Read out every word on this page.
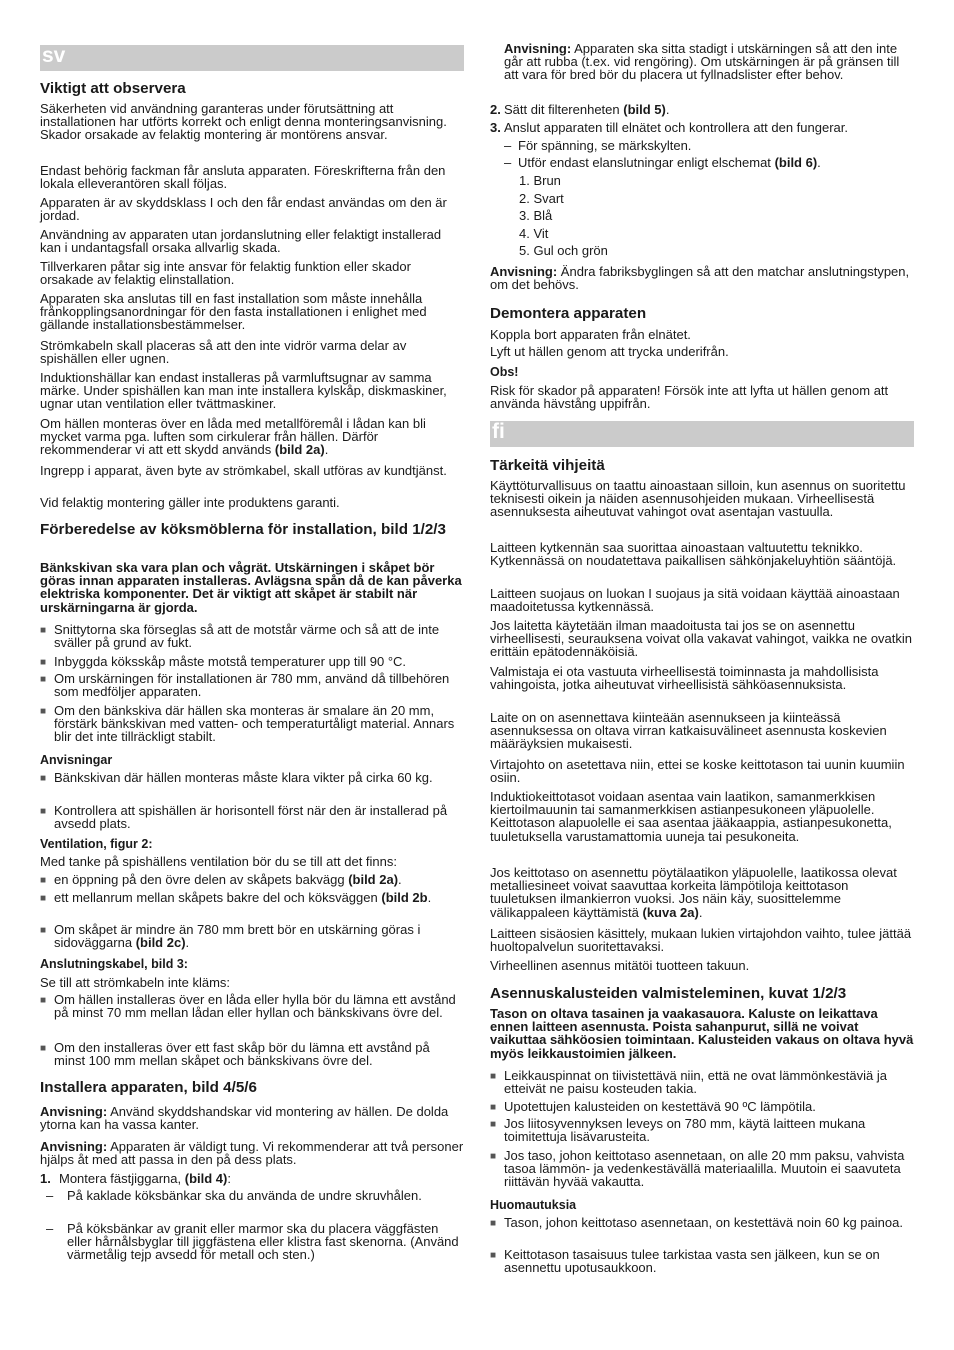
sv
Viktigt att observera

Säkerheten vid användning garanteras under förutsättning att installationen har utförts korrekt och enligt denna monteringsanvisning. Skador orsakade av felaktig montering är montörens ansvar.

Endast behörig fackman får ansluta apparaten. Föreskrifterna från den lokala elleverantören skall följas.

Apparaten är av skyddsklass I och den får endast användas om den är jordad.

Användning av apparaten utan jordanslutning eller felaktigt installerad kan i undantagsfall orsaka allvarlig skada.

Tillverkaren påtar sig inte ansvar för felaktig funktion eller skador orsakade av felaktig elinstallation.

Apparaten ska anslutas till en fast installation som måste innehålla frånkopplingsanordningar för den fasta installationen i enlighet med gällande installationsbestämmelser.

Strömkabeln skall placeras så att den inte vidrör varma delar av spishällen eller ugnen.

Induktionshällar kan endast installeras på varmluftsugnar av samma märke. Under spishällen kan man inte installera kylskåp, diskmaskiner, ugnar utan ventilation eller tvättmaskiner.

Om hällen monteras över en låda med metallföremål i lådan kan bli mycket varma pga. luften som cirkulerar från hällen. Därför rekommenderar vi att ett skydd används (bild 2a).

Ingrepp i apparat, även byte av strömkabel, skall utföras av kundtjänst.

Vid felaktig montering gäller inte produktens garanti.

Förberedelse av köksmöblerna för installation, bild 1/2/3

Bänkskivan ska vara plan och vågrät. Utskärningen i skåpet bör göras innan apparaten installeras. Avlägsna spån då de kan påverka elektriska komponenter. Det är viktigt att skåpet är stabilt när urskärningarna är gjorda.

■ Snittytorna ska förseglas så att de motstår värme och så att de inte sväller på grund av fukt.

■ Inbyggda köksskåp måste motstå temperaturer upp till 90 °C.

■ Om urskärningen för installationen är 780 mm, använd då tillbehören som medföljer apparaten.

■ Om den bänkskiva där hällen ska monteras är smalare än 20 mm, förstärk bänkskivan med vatten- och temperaturtåligt material. Annars blir det inte tillräckligt stabilt.

Anvisningar

■ Bänkskivan där hällen monteras måste klara vikter på cirka 60 kg.

■ Kontrollera att spishällen är horisontell först när den är installerad på avsedd plats.

Ventilation, figur 2:

Med tanke på spishällens ventilation bör du se till att det finns:

■ en öppning på den övre delen av skåpets bakvägg (bild 2a).

■ ett mellanrum mellan skåpets bakre del och köksväggen (bild 2b.

■ Om skåpet är mindre än 780 mm brett bör en utskärning göras i sidoväggarna (bild 2c).

Anslutningskabel, bild 3:

Se till att strömkabeln inte kläms:

■ Om hällen installeras över en låda eller hylla bör du lämna ett avstånd på minst 70 mm mellan lådan eller hyllan och bänkskivans övre del.

■ Om den installeras över ett fast skåp bör du lämna ett avstånd på minst 100 mm mellan skåpet och bänkskivans övre del.

Installera apparaten, bild 4/5/6

Anvisning: Använd skyddshandskar vid montering av hällen. De dolda ytorna kan ha vassa kanter.

Anvisning: Apparaten är väldigt tung. Vi rekommenderar att två personer hjälps åt med att passa in den på dess plats.

1. Montera fästjiggarna, (bild 4):

– På kaklade köksbänkar ska du använda de undre skruvhålen.

– På köksbänkar av granit eller marmor ska du placera väggfästen eller hårnålsbyglar till jiggfästena eller klistra fast skenorna. (Använd värmetålig tejp avsedd för metall och sten.)

Anvisning: Apparaten ska sitta stadigt i utskärningen så att den inte går att rubba (t.ex. vid rengöring). Om utskärningen är på gränsen till att vara för bred bör du placera ut fyllnadslister efter behov.

2. Sätt dit filterenheten (bild 5).

3. Anslut apparaten till elnätet och kontrollera att den fungerar.

– För spänning, se märkskylten.

– Utför endast elanslutningar enligt elschemat (bild 6).

1. Brun
2. Svart
3. Blå
4. Vit
5. Gul och grön

Anvisning: Ändra fabriksbyglingen så att den matchar anslutningstypen, om det behövs.

Demontera apparaten

Koppla bort apparaten från elnätet.

Lyft ut hällen genom att trycka underifrån.

Obs!

Risk för skador på apparaten! Försök inte att lyfta ut hällen genom att använda hävstång uppifrån.

fi
Tärkeitä vihjeitä

Käyttöturvallisuus on taattu ainoastaan silloin, kun asennus on suoritettu teknisesti oikein ja näiden asennusohjeiden mukaan. Virheellisestä asennuksesta aiheutuvat vahingot ovat asentajan vastuulla.

Laitteen kytkennän saa suorittaa ainoastaan valtuutettu teknikko. Kytkennässä on noudatettava paikallisen sähkönjakeluyhtiön sääntöjä.

Laitteen suojaus on luokan I suojaus ja sitä voidaan käyttää ainoastaan maadoitetussa kytkennässä.

Jos laitetta käytetään ilman maadoitusta tai jos se on asennettu virheellisesti, seurauksena voivat olla vakavat vahingot, vaikka ne ovatkin erittäin epätodennäköisiä.

Valmistaja ei ota vastuuta virheellisestä toiminnasta ja mahdollisista vahingoista, jotka aiheutuvat virheellisistä sähköasennuksista.

Laite on on asennettava kiinteään asennukseen ja kiinteässä asennuksessa on oltava virran katkaisuvälineet asennusta koskevien määräyksien mukaisesti.

Virtajohto on asetettava niin, ettei se koske keittotason tai uunin kuumiin osiin.

Induktiokeittotasot voidaan asentaa vain laatikon, samanmerkkisen kiertoilmauunin tai samanmerkkisen astianpesukoneen yläpuolelle. Keittotason alapuolelle ei saa asentaa jääkaappia, astianpesukonetta, tuuletuksella varustamattomia uuneja tai pesukoneita.

Jos keittotaso on asennettu pöytälaatikon yläpuolelle, laatikossa olevat metalliesineet voivat saavuttaa korkeita lämpötiloja keittotason tuuletuksen ilmankierron vuoksi. Jos näin käy, suosittelemme välikappaleen käyttämistä (kuva 2a).

Laitteen sisäosien käsittely, mukaan lukien virtajohdon vaihto, tulee jättää huoltopalvelun suoritettavaksi.

Virheellinen asennus mitätöi tuotteen takuun.

Asennuskalusteiden valmisteleminen, kuvat 1/2/3

Tason on oltava tasainen ja vaakasauora. Kaluste on leikattava ennen laitteen asennusta. Poista sahanpurut, sillä ne voivat vaikuttaa sähköosien toimintaan. Kalusteiden vakaus on oltava hyvä myös leikkaustoimien jälkeen.

■ Leikkauspinnat on tiivistettävä niin, että ne ovat lämmönkestäviä ja etteivät ne paisu kosteuden takia.

■ Upotettujen kalusteiden on kestettävä 90 ºC lämpötila.

■ Jos liitosyvennyksen leveys on 780 mm, käytä laitteen mukana toimitettuja lisävarusteita.

■ Jos taso, johon keittotaso asennetaan, on alle 20 mm paksu, vahvista tasoa lämmön- ja vedenkestävällä materiaalilla. Muutoin ei saavuteta riittävän hyvää vakautta.

Huomautuksia

■ Tason, johon keittotaso asennetaan, on kestettävä noin 60 kg painoa.

■ Keittotason tasaisuus tulee tarkistaa vasta sen jälkeen, kun se on asennettu upotusaukkoon.
